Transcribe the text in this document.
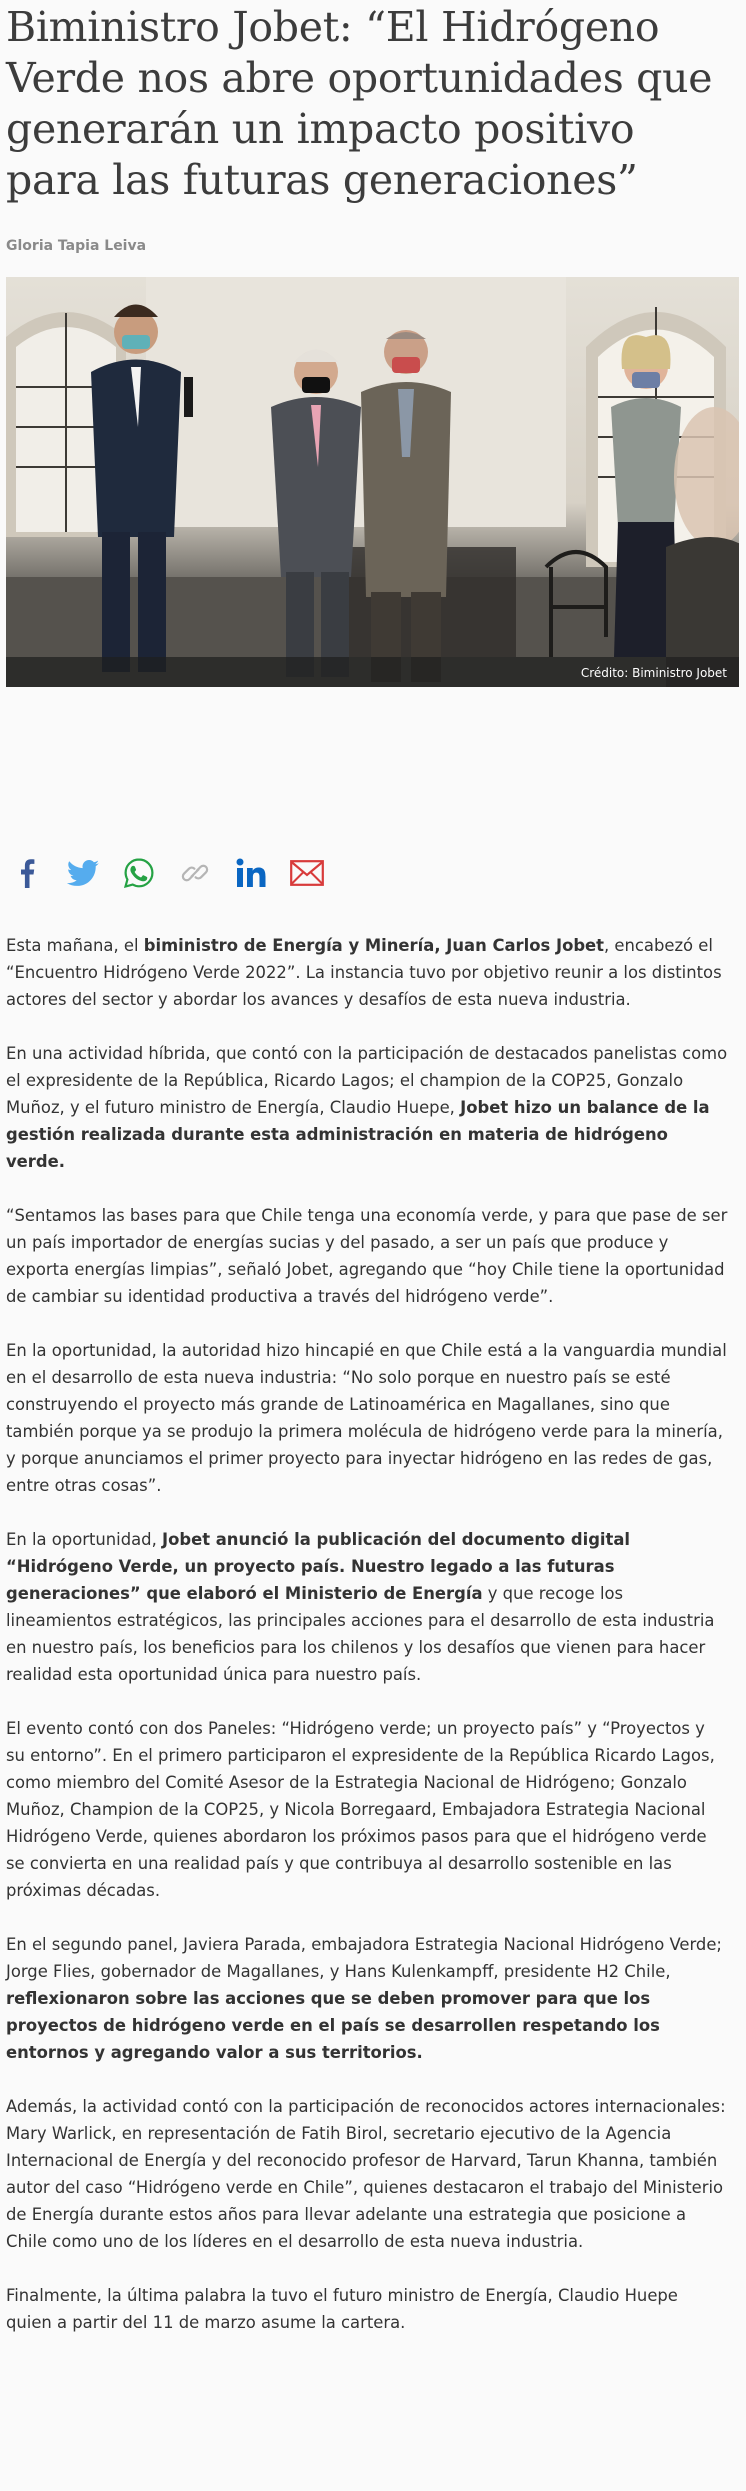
Biministro Jobet: “El Hidrógeno Verde nos abre oportunidades que generarán un impacto positivo para las futuras generaciones”
Gloria Tapia Leiva
Crédito: Biministro Jobet

Esta mañana, el biministro de Energía y Minería, Juan Carlos Jobet, encabezó el “Encuentro Hidrógeno Verde 2022”. La instancia tuvo por objetivo reunir a los distintos actores del sector y abordar los avances y desafíos de esta nueva industria.

En una actividad híbrida, que contó con la participación de destacados panelistas como el expresidente de la República, Ricardo Lagos; el champion de la COP25, Gonzalo Muñoz, y el futuro ministro de Energía, Claudio Huepe, Jobet hizo un balance de la gestión realizada durante esta administración en materia de hidrógeno verde.

“Sentamos las bases para que Chile tenga una economía verde, y para que pase de ser un país importador de energías sucias y del pasado, a ser un país que produce y exporta energías limpias”, señaló Jobet, agregando que “hoy Chile tiene la oportunidad de cambiar su identidad productiva a través del hidrógeno verde”.

En la oportunidad, la autoridad hizo hincapié en que Chile está a la vanguardia mundial en el desarrollo de esta nueva industria: “No solo porque en nuestro país se esté construyendo el proyecto más grande de Latinoamérica en Magallanes, sino que también porque ya se produjo la primera molécula de hidrógeno verde para la minería, y porque anunciamos el primer proyecto para inyectar hidrógeno en las redes de gas, entre otras cosas”.

En la oportunidad, Jobet anunció la publicación del documento digital “Hidrógeno Verde, un proyecto país. Nuestro legado a las futuras generaciones” que elaboró el Ministerio de Energía y que recoge los lineamientos estratégicos, las principales acciones para el desarrollo de esta industria en nuestro país, los beneficios para los chilenos y los desafíos que vienen para hacer realidad esta oportunidad única para nuestro país.

El evento contó con dos Paneles: “Hidrógeno verde; un proyecto país” y “Proyectos y su entorno”. En el primero participaron el expresidente de la República Ricardo Lagos, como miembro del Comité Asesor de la Estrategia Nacional de Hidrógeno; Gonzalo Muñoz, Champion de la COP25, y Nicola Borregaard, Embajadora Estrategia Nacional Hidrógeno Verde, quienes abordaron los próximos pasos para que el hidrógeno verde se convierta en una realidad país y que contribuya al desarrollo sostenible en las próximas décadas.

En el segundo panel, Javiera Parada, embajadora Estrategia Nacional Hidrógeno Verde; Jorge Flies, gobernador de Magallanes, y Hans Kulenkampff, presidente H2 Chile, reflexionaron sobre las acciones que se deben promover para que los proyectos de hidrógeno verde en el país se desarrollen respetando los entornos y agregando valor a sus territorios.

Además, la actividad contó con la participación de reconocidos actores internacionales: Mary Warlick, en representación de Fatih Birol, secretario ejecutivo de la Agencia Internacional de Energía y del reconocido profesor de Harvard, Tarun Khanna, también autor del caso “Hidrógeno verde en Chile”, quienes destacaron el trabajo del Ministerio de Energía durante estos años para llevar adelante una estrategia que posicione a Chile como uno de los líderes en el desarrollo de esta nueva industria.

Finalmente, la última palabra la tuvo el futuro ministro de Energía, Claudio Huepe quien a partir del 11 de marzo asume la cartera.
